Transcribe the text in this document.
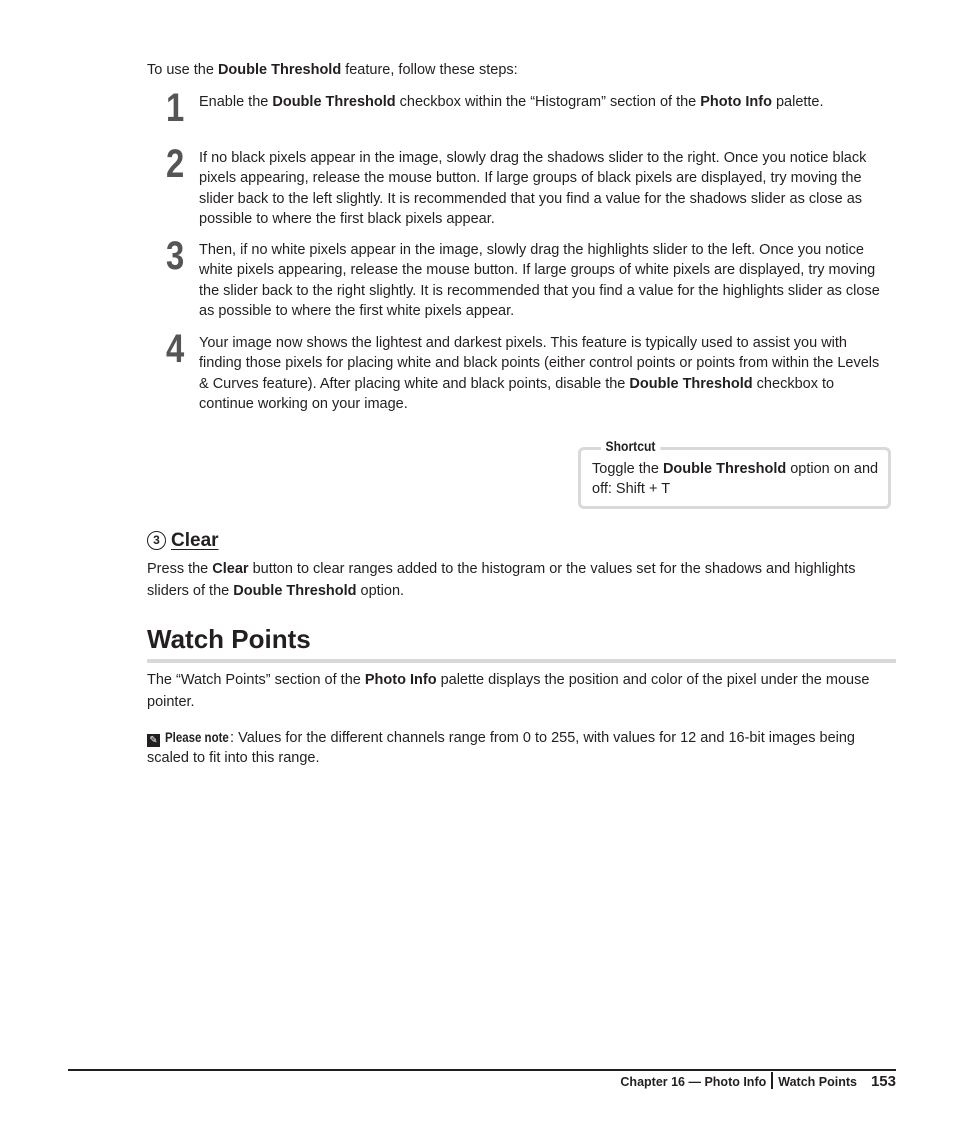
To use the Double Threshold feature, follow these steps:
1	Enable the Double Threshold checkbox within the “Histogram” section of the Photo Info palette.
2	If no black pixels appear in the image, slowly drag the shadows slider to the right. Once you notice black pixels appearing, release the mouse button. If large groups of black pixels are displayed, try moving the slider back to the left slightly. It is recommended that you find a value for the shadows slider as close as possible to where the first black pixels appear.
3	Then, if no white pixels appear in the image, slowly drag the highlights slider to the left. Once you notice white pixels appearing, release the mouse button. If large groups of white pixels are displayed, try moving the slider back to the right slightly. It is recommended that you find a value for the highlights slider as close as possible to where the first white pixels appear.
4	Your image now shows the lightest and darkest pixels. This feature is typically used to assist you with finding those pixels for placing white and black points (either control points or points from within the Levels & Curves feature). After placing white and black points, disable the Double Threshold checkbox to continue working on your image.
Shortcut
Toggle the Double Threshold option on and off: Shift + T
3 Clear
Press the Clear button to clear ranges added to the histogram or the values set for the shadows and highlights sliders of the Double Threshold option.
Watch Points
The “Watch Points” section of the Photo Info palette displays the position and color of the pixel under the mouse pointer.
✎ Please note: Values for the different channels range from 0 to 255, with values for 12 and 16-bit images being scaled to fit into this range.
Chapter 16 — Photo Info Watch Points 153
